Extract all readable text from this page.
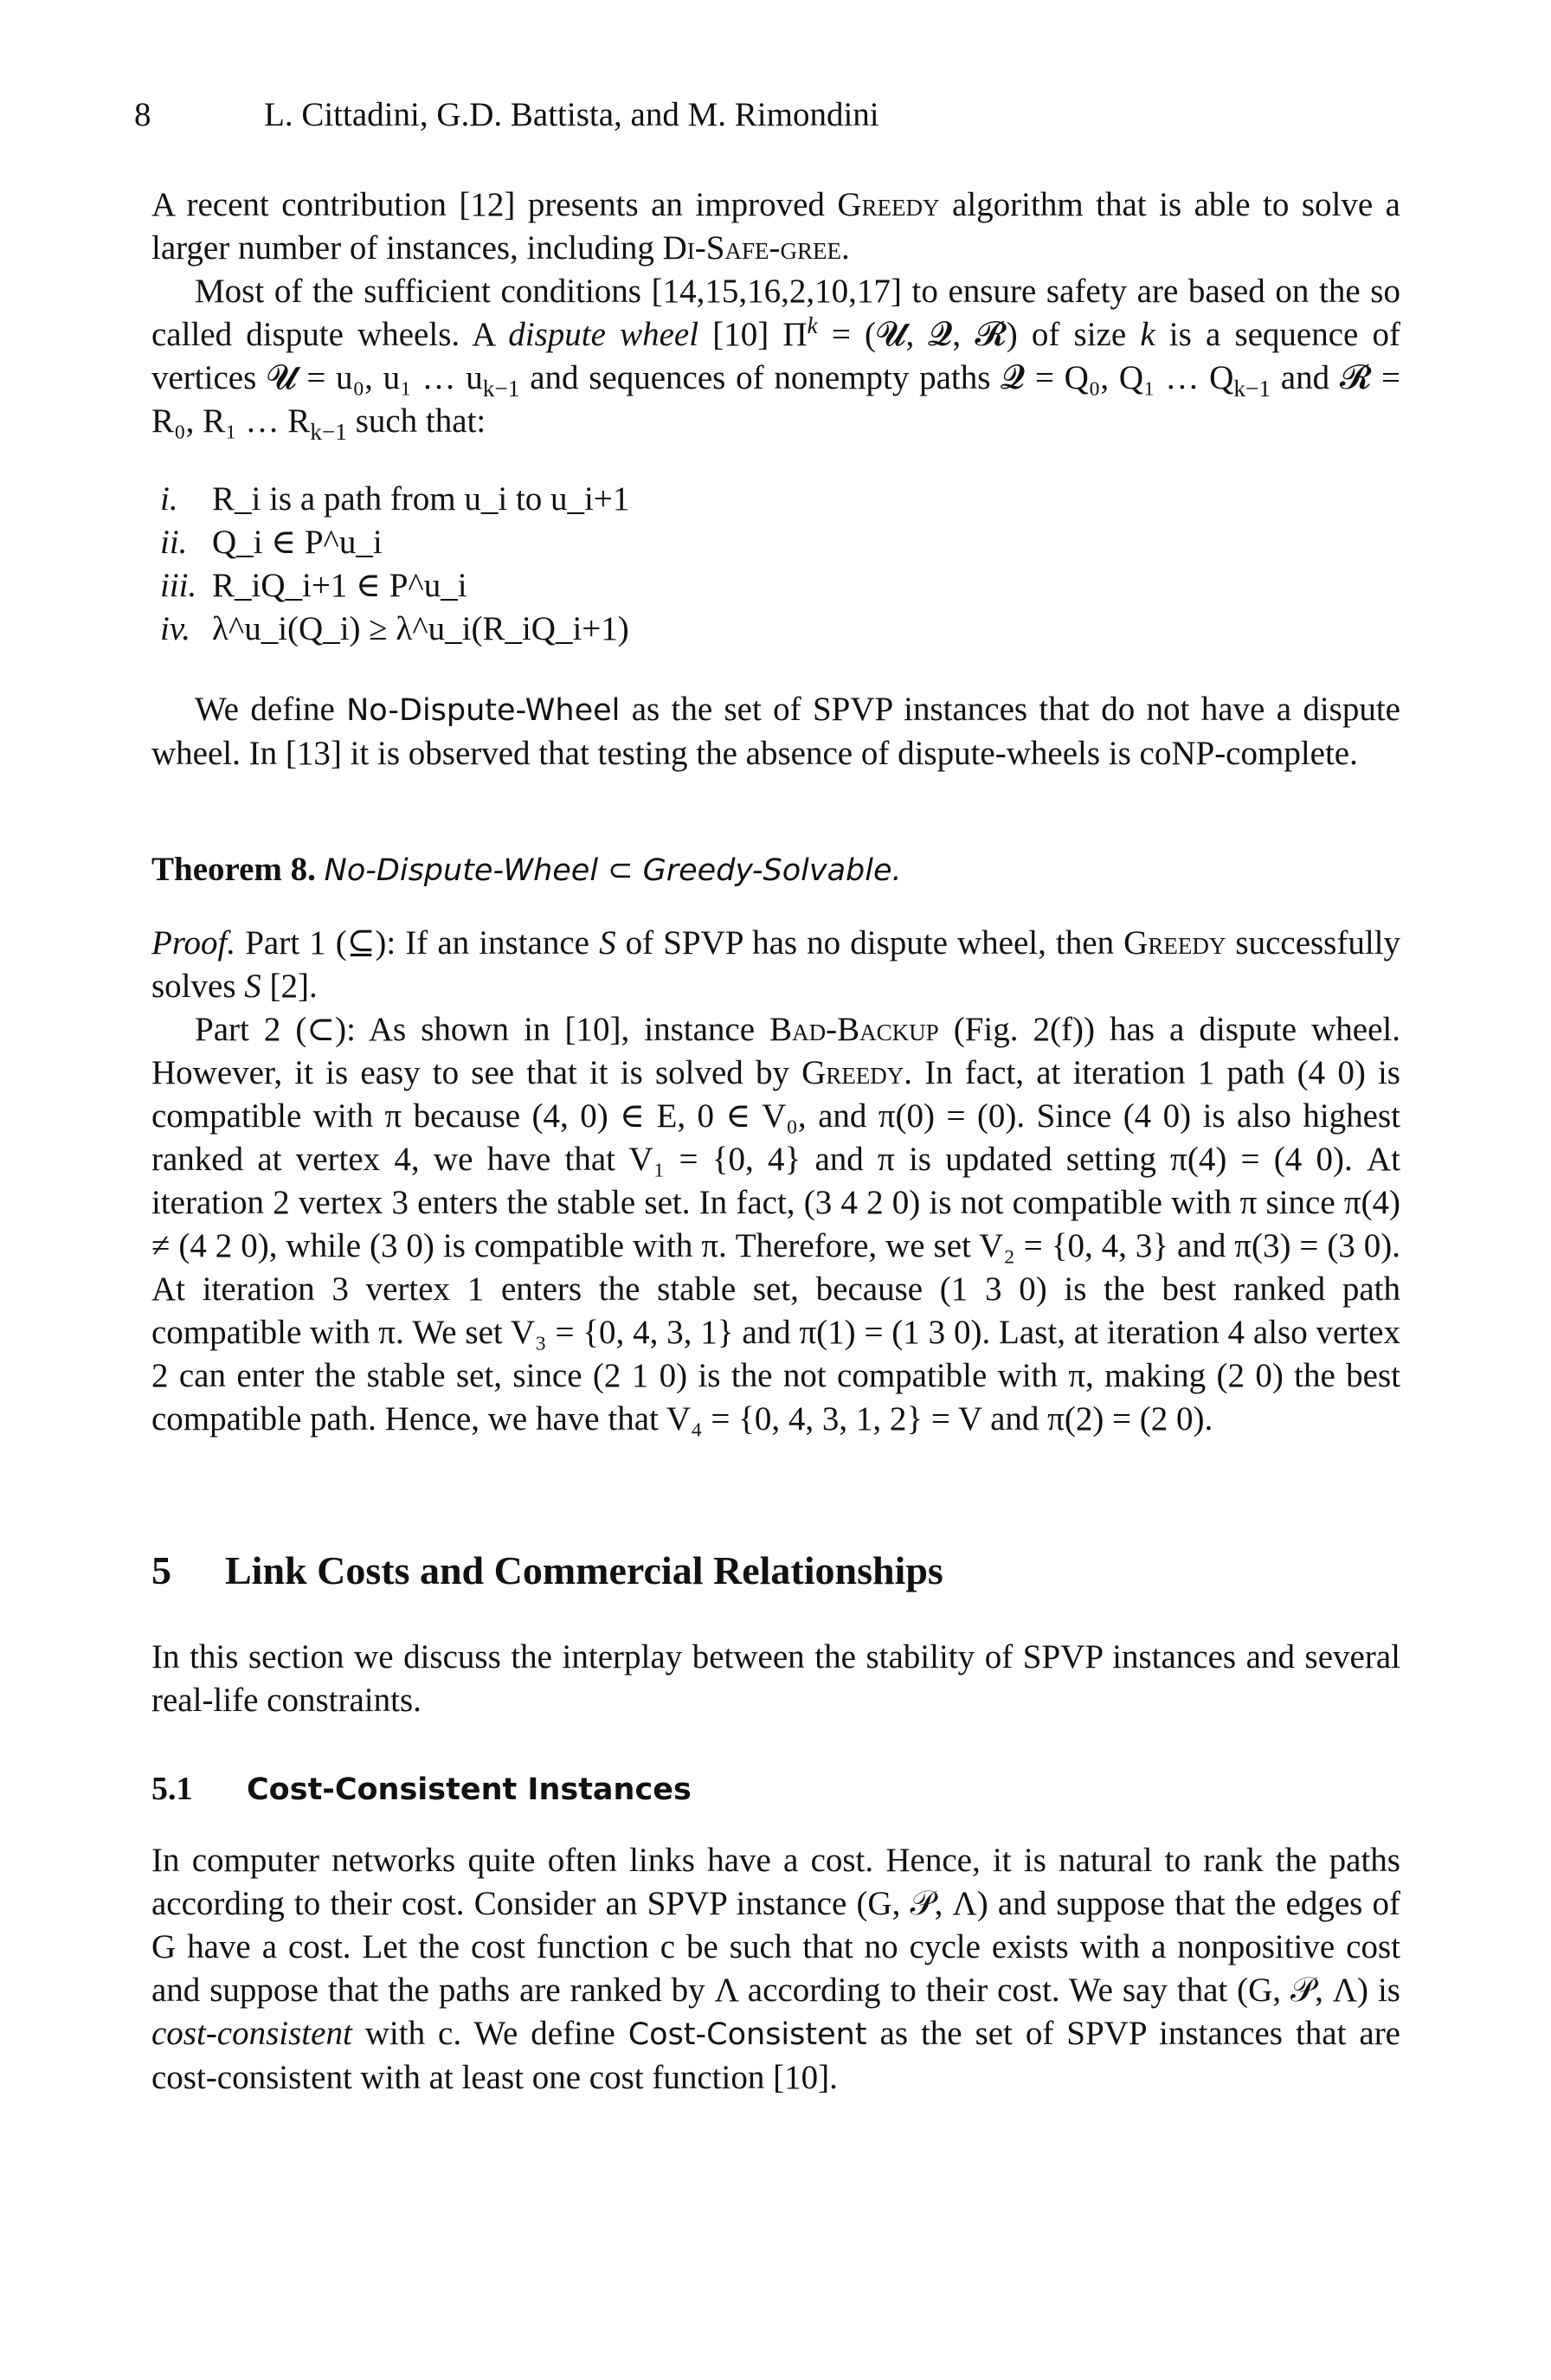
8	L. Cittadini, G.D. Battista, and M. Rimondini

A recent contribution [12] presents an improved Greedy algorithm that is able to solve a larger number of instances, including Di-Safe-gree.

Most of the sufficient conditions [14,15,16,2,10,17] to ensure safety are based on the so called dispute wheels. A dispute wheel [10] $\Pi^k$ = (𝓤, 𝓠, 𝓡) of size k is a sequence of vertices 𝓤 = u₀, u₁ … $u_{k-1}$ and sequences of nonempty paths 𝓠 = Q₀, Q₁ … $Q_{k-1}$ and 𝓡 = R₀, R₁ … $R_{k-1}$ such that:

i. R_i is a path from u_i to u_i+1
ii. Q_i ∈ P^u_i
iii. R_iQ_i+1 ∈ P^u_i
iv. λ^u_i(Q_i) ≥ λ^u_i(R_iQ_i+1)

We define No-Dispute-Wheel as the set of SPVP instances that do not have a dispute wheel. In [13] it is observed that testing the absence of dispute-wheels is coNP-complete.

Theorem 8. No-Dispute-Wheel ⊂ Greedy-Solvable.

Proof. Part 1 (⊆): If an instance S of SPVP has no dispute wheel, then Greedy successfully solves S [2].

Part 2 (⊂): As shown in [10], instance Bad-Backup (Fig. 2(f)) has a dispute wheel. However, it is easy to see that it is solved by Greedy. In fact, at iteration 1 path (4 0) is compatible with π because (4, 0) ∈ E, 0 ∈ V₀, and π(0) = (0). Since (4 0) is also highest ranked at vertex 4, we have that V₁ = {0, 4} and π is updated setting π(4) = (4 0). At iteration 2 vertex 3 enters the stable set. In fact, (3 4 2 0) is not compatible with π since π(4) ≠ (4 2 0), while (3 0) is compatible with π. Therefore, we set V₂ = {0, 4, 3} and π(3) = (3 0). At iteration 3 vertex 1 enters the stable set, because (1 3 0) is the best ranked path compatible with π. We set V₃ = {0, 4, 3, 1} and π(1) = (1 3 0). Last, at iteration 4 also vertex 2 can enter the stable set, since (2 1 0) is the not compatible with π, making (2 0) the best compatible path. Hence, we have that V₄ = {0, 4, 3, 1, 2} = V and π(2) = (2 0).

5 Link Costs and Commercial Relationships

In this section we discuss the interplay between the stability of SPVP instances and several real-life constraints.

5.1 Cost-Consistent Instances

In computer networks quite often links have a cost. Hence, it is natural to rank the paths according to their cost. Consider an SPVP instance (G, 𝒫, Λ) and suppose that the edges of G have a cost. Let the cost function c be such that no cycle exists with a nonpositive cost and suppose that the paths are ranked by Λ according to their cost. We say that (G, 𝒫, Λ) is cost-consistent with c. We define Cost-Consistent as the set of SPVP instances that are cost-consistent with at least one cost function [10].
